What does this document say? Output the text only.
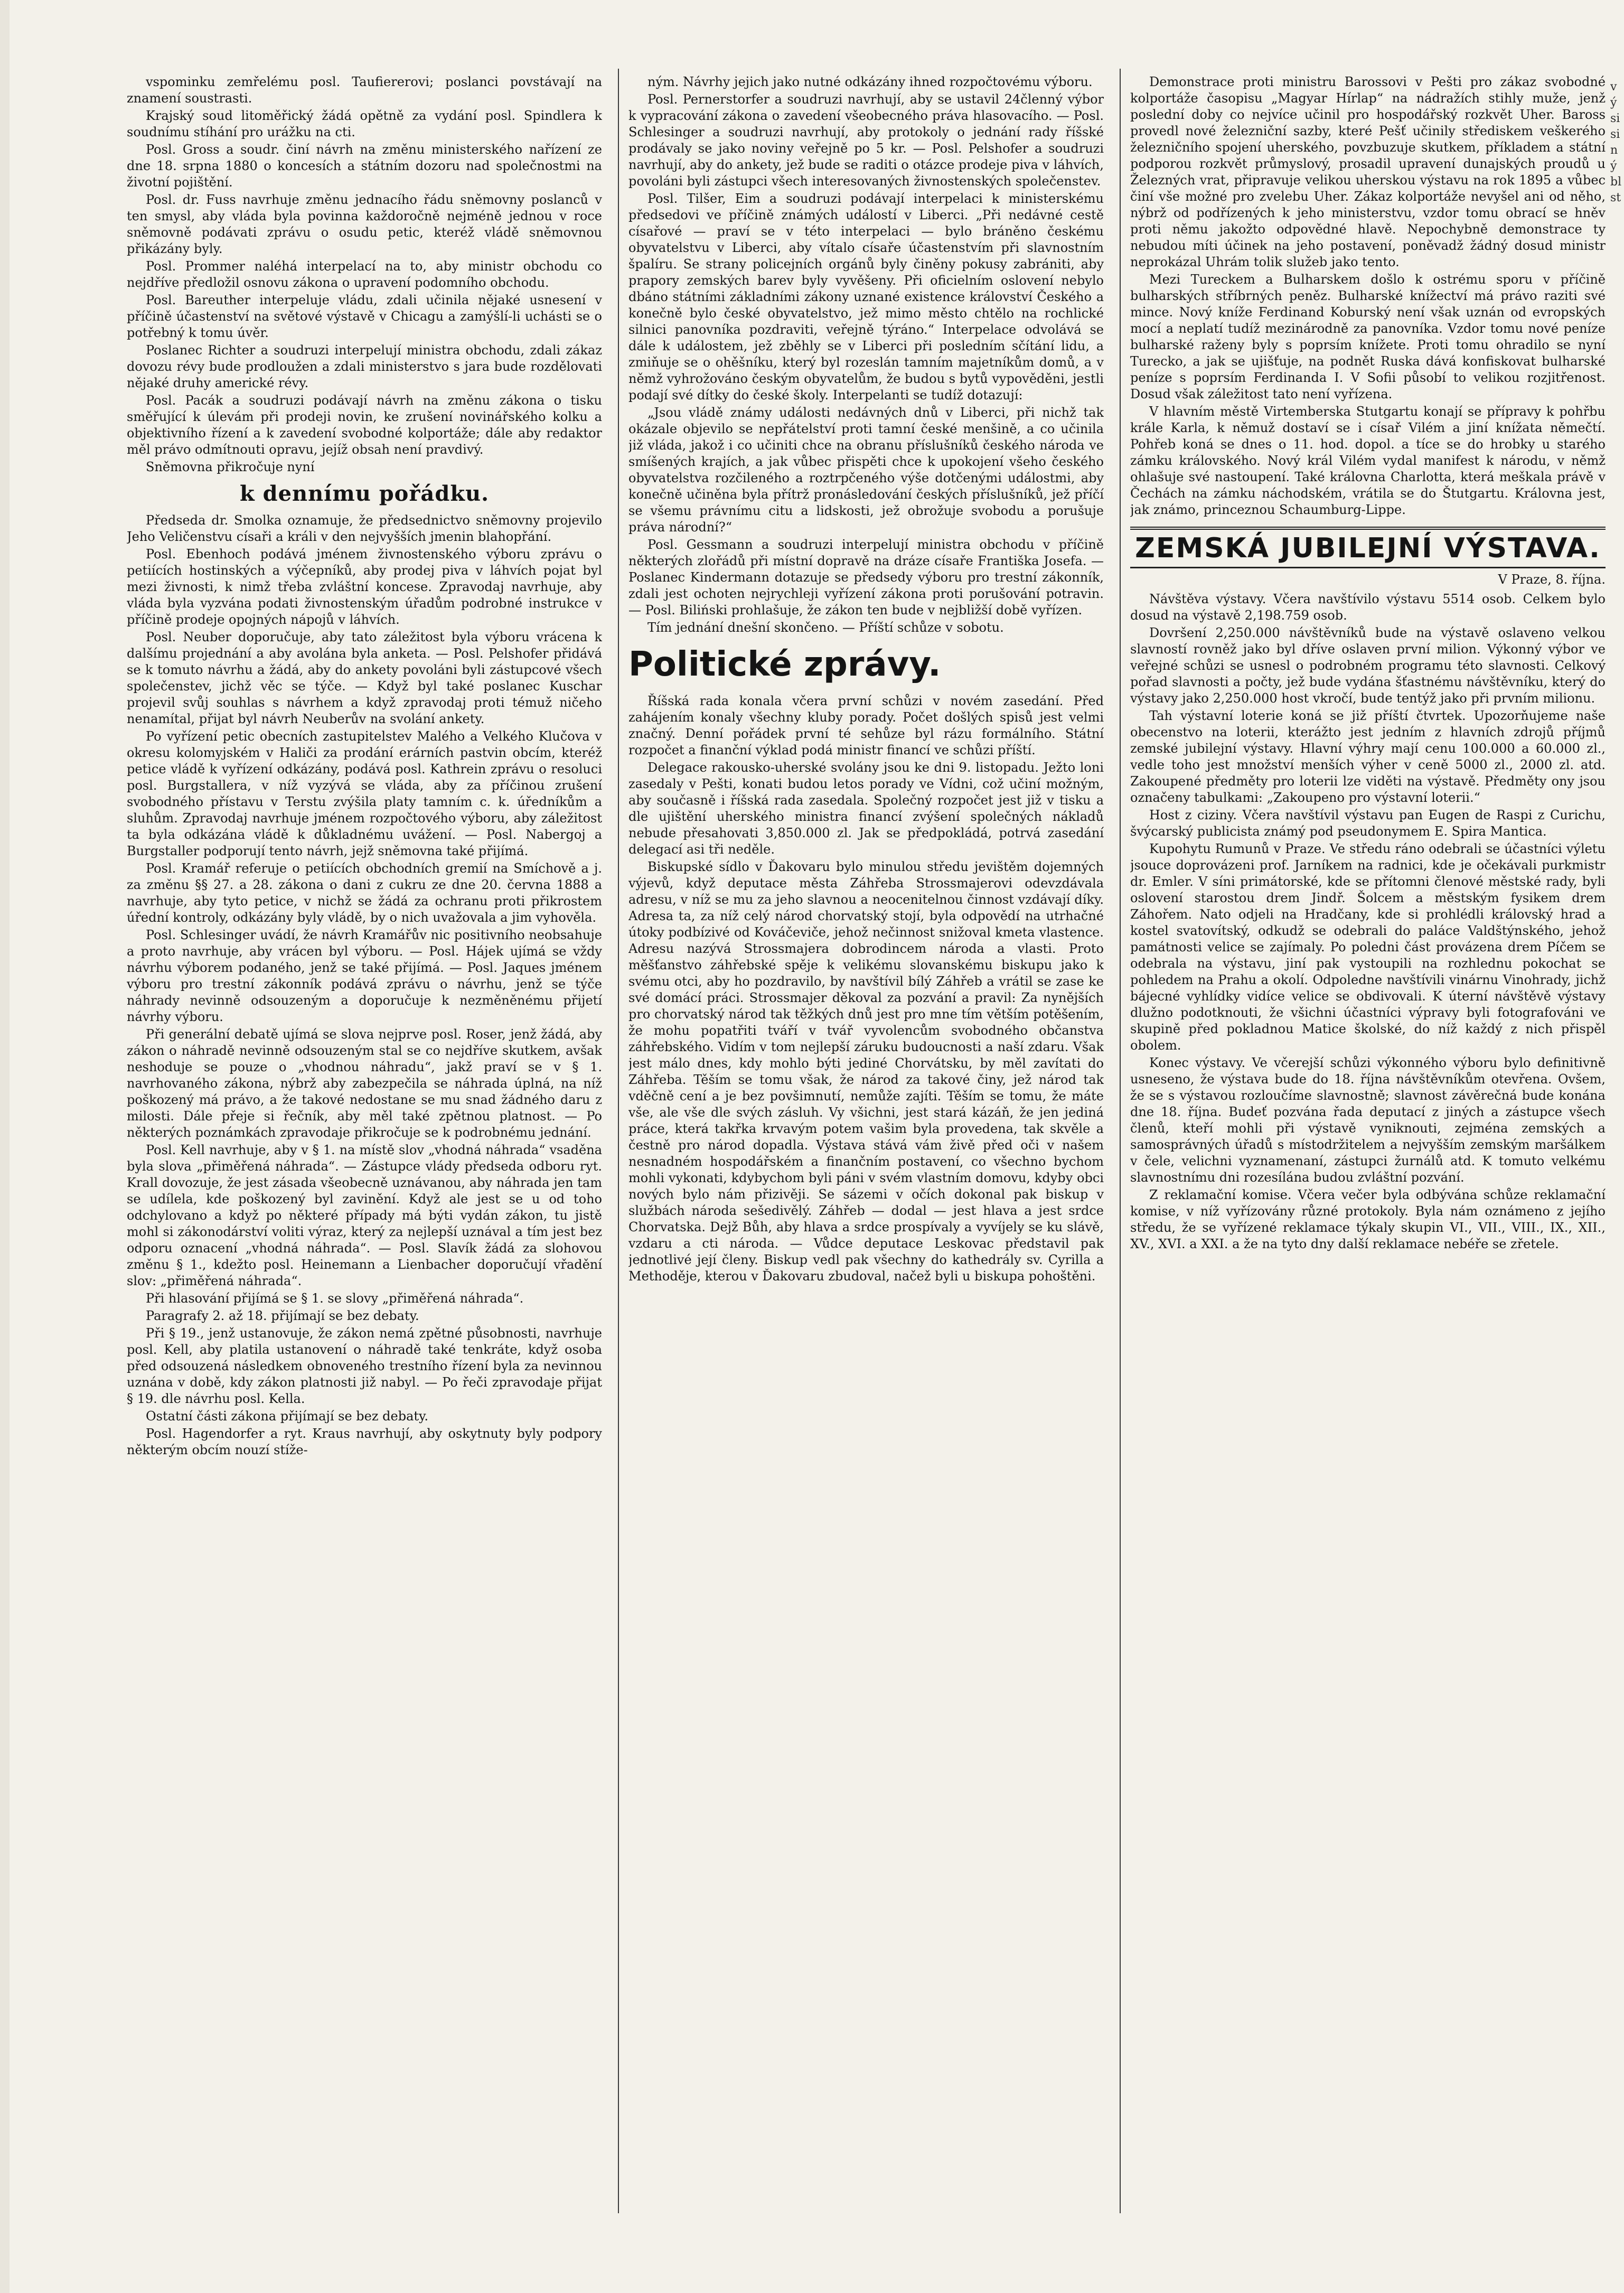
vspominku zemřelému posl. Taufiererovi; poslanci povstávají na znamení soustrasti.

Krajský soud litoměřický žádá opětně za vydání posl. Spindlera k soudnímu stíhání pro urážku na cti.

Posl. Gross a soudr. činí návrh na změnu ministerského nařízení ze dne 18. srpna 1880 o koncesích a státním dozoru nad společnostmi na životní pojištění.

Posl. dr. Fuss navrhuje změnu jednacího řádu sněmovny poslanců v ten smysl, aby vláda byla povinna každoročně nejméně jednou v roce sněmovně podávati zprávu o osudu petic, kteréž vládě sněmovnou přikázány byly.

Posl. Prommer naléhá interpelací na to, aby ministr obchodu co nejdříve předložil osnovu zákona o upravení podomního obchodu.

Posl. Bareuther interpeluje vládu, zdali učinila nějaké usnesení v příčině účastenství na světové výstavě v Chicagu a zamýšlí-li uchásti se o potřebný k tomu úvěr.

Poslanec Richter a soudruzi interpelují ministra obchodu, zdali zákaz dovozu révy bude prodloužen a zdali ministerstvo s jara bude rozdělovati nějaké druhy americké révy.

Posl. Pacák a soudruzi podávají návrh na změnu zákona o tisku směřující k úlevám při prodeji novin, ke zrušení novinářského kolku a objektivního řízení a k zavedení svobodné kolportáže; dále aby redaktor měl právo odmítnouti opravu, jejíž obsah není pravdivý.

Sněmovna přikročuje nyní

k dennímu pořádku.

Předseda dr. Smolka oznamuje, že předsednictvo sněmovny projevilo Jeho Veličenstvu císaři a králi v den nejvyšších jmenin blahopřání.

Posl. Ebenhoch podává jménem živnostenského výboru zprávu o petiících hostinských a výčepníků, aby prodej piva v láhvích pojat byl mezi živnosti, k nimž třeba zvláštní koncese. Zpravodaj navrhuje, aby vláda byla vyzvána podati živnostenským úřadům podrobné instrukce v příčině prodeje opojných nápojů v láhvích.

Posl. Neuber doporučuje, aby tato záležitost byla výboru vrácena k dalšímu projednání a aby avolána byla anketa. — Posl. Pelshofer přidává se k tomuto návrhu a žádá, aby do ankety povoláni byli zástupcové všech společenstev, jichž věc se týče. — Když byl také poslanec Kuschar projevil svůj souhlas s návrhem a když zpravodaj proti témuž ničeho nenamítal, přijat byl návrh Neuberův na svolání ankety.

Po vyřízení petic obecních zastupitelstev Malého a Velkého Klučova v okresu kolomyjském v Haliči za prodání erárních pastvin obcím, kteréž petice vládě k vyřízení odkázány, podává posl. Kathrein zprávu o resoluci posl. Burgstallera, v níž vyzývá se vláda, aby za příčinou zrušení svobodného přístavu v Terstu zvýšila platy tamním c. k. úředníkům a sluhům. Zpravodaj navrhuje jménem rozpočtového výboru, aby záležitost ta byla odkázána vládě k důkladnému uvážení. — Posl. Nabergoj a Burgstaller podporují tento návrh, jejž sněmovna také přijímá.

Posl. Kramář referuje o petiících obchodních gremií na Smíchově a j. za změnu §§ 27. a 28. zákona o dani z cukru ze dne 20. června 1888 a navrhuje, aby tyto petice, v nichž se žádá za ochranu proti přikrostem úřední kontroly, odkázány byly vládě, by o nich uvažovala a jim vyhověla.

Posl. Schlesinger uvádí, že návrh Kramářův nic positivního neobsahuje a proto navrhuje, aby vrácen byl výboru. — Posl. Hájek ujímá se vždy návrhu výborem podaného, jenž se také přijímá. — Posl. Jaques jménem výboru pro trestní zákonník podává zprávu o návrhu, jenž se týče náhrady nevinně odsouzeným a doporučuje k nezměněnému přijetí návrhy výboru.

Při generální debatě ujímá se slova nejprve posl. Roser, jenž žádá, aby zákon o náhradě nevinně odsouzeným stal se co nejdříve skutkem, avšak neshoduje se pouze o „vhodnou náhradu“, jakž praví se v § 1. navrhovaného zákona, nýbrž aby zabezpečila se náhrada úplná, na níž poškozený má právo, a že takové nedostane se mu snad žádného daru z milosti. Dále přeje si řečník, aby měl také zpětnou platnost. — Po některých poznámkách zpravodaje přikročuje se k podrobnému jednání.

Posl. Kell navrhuje, aby v § 1. na místě slov „vhodná náhrada“ vsaděna byla slova „přiměřená náhrada“. — Zástupce vlády předseda odboru ryt. Krall dovozuje, že jest zásada všeobecně uznávanou, aby náhrada jen tam se udílela, kde poškozený byl zavinění. Když ale jest se u od toho odchylovano a když po některé případy má býti vydán zákon, tu jistě mohl si zákonodárství voliti výraz, který za nejlepší uznával a tím jest bez odporu oznacení „vhodná náhrada“. — Posl. Slavík žádá za slohovou změnu § 1., kdežto posl. Heinemann a Lienbacher doporučují vřadění slov: „přiměřená náhrada“.

Při hlasování přijímá se § 1. se slovy „přiměřená náhrada“.

Paragrafy 2. až 18. přijímají se bez debaty.

Při § 19., jenž ustanovuje, že zákon nemá zpětné působnosti, navrhuje posl. Kell, aby platila ustanovení o náhradě také tenkráte, když osoba před odsouzená následkem obnoveného trestního řízení byla za nevinnou uznána v době, kdy zákon platnosti již nabyl. — Po řeči zpravodaje přijat § 19. dle návrhu posl. Kella.

Ostatní části zákona přijímají se bez debaty.

Posl. Hagendorfer a ryt. Kraus navrhují, aby oskytnuty byly podpory některým obcím nouzí stíže-

ným. Návrhy jejich jako nutné odkázány ihned rozpočtovému výboru.

Posl. Pernerstorfer a soudruzi navrhují, aby se ustavil 24členný výbor k vypracování zákona o zavedení všeobecného práva hlasovacího. — Posl. Schlesinger a soudruzi navrhují, aby protokoly o jednání rady říšské prodávaly se jako noviny veřejně po 5 kr. — Posl. Pelshofer a soudruzi navrhují, aby do ankety, jež bude se raditi o otázce prodeje piva v láhvích, povoláni byli zástupci všech interesovaných živnostenských společenstev.

Posl. Tilšer, Eim a soudruzi podávají interpelaci k ministerskému předsedovi ve příčině známých událostí v Liberci. „Při nedávné cestě císařové — praví se v této interpelaci — bylo bráněno českému obyvatelstvu v Liberci, aby vítalo císaře účastenstvím při slavnostním špalíru. Se strany policejních orgánů byly činěny pokusy zabrániti, aby prapory zemských barev byly vyvěšeny. Při oficielním oslovení nebylo dbáno státními základními zákony uznané existence království Českého a konečně bylo české obyvatelstvo, jež mimo město chtělo na rochlické silnici panovníka pozdraviti, veřejně týráno.“ Interpelace odvolává se dále k událostem, jež zběhly se v Liberci při posledním sčítání lidu, a zmiňuje se o ohěšníku, který byl rozeslán tamním majetníkům domů, a v němž vyhrožováno českým obyvatelům, že budou s bytů vypověděni, jestli podají své dítky do české školy. Interpelanti se tudíž dotazují:

„Jsou vládě známy události nedávných dnů v Liberci, při nichž tak okázale objevilo se nepřátelství proti tamní české menšině, a co učinila již vláda, jakož i co učiniti chce na obranu příslušníků českého národa ve smíšených krajích, a jak vůbec přispěti chce k upokojení všeho českého obyvatelstva rozčileného a roztrpčeného výše dotčenými událostmi, aby konečně učiněna byla přítrž pronásledování českých příslušníků, jež příčí se všemu právnímu citu a lidskosti, jež obrožuje svobodu a porušuje práva národní?“

Posl. Gessmann a soudruzi interpelují ministra obchodu v příčině některých zlořádů při místní dopravě na dráze císaře Františka Josefa. — Poslanec Kindermann dotazuje se předsedy výboru pro trestní zákonník, zdali jest ochoten nejrychleji vyřízení zákona proti porušování potravin. — Posl. Biliński prohlašuje, že zákon ten bude v nejbližší době vyřízen.

Tím jednání dnešní skončeno. — Příští schůze v sobotu.

Politické zprávy.

Říšská rada konala včera první schůzi v novém zasedání. Před zahájením konaly všechny kluby porady. Počet došlých spisů jest velmi značný. Denní pořádek první té sehůze byl rázu formálního. Státní rozpočet a finanční výklad podá ministr financí ve schůzi příští.

Delegace rakousko-uherské svolány jsou ke dni 9. listopadu. Ježto loni zasedaly v Pešti, konati budou letos porady ve Vídni, což učiní možným, aby současně i říšská rada zasedala. Společný rozpočet jest již v tisku a dle ujištění uherského ministra financí zvýšení společných nákladů nebude přesahovati 3,850.000 zl. Jak se předpokládá, potrvá zasedání delegací asi tři neděle.

Biskupské sídlo v Ďakovaru bylo minulou středu jevištěm dojemných výjevů, když deputace města Záhřeba Strossmajerovi odevzdávala adresu, v níž se mu za jeho slavnou a neocenitelnou činnost vzdávají díky. Adresa ta, za níž celý národ chorvatský stojí, byla odpovědí na utrhačné útoky podbízivé od Kováčeviče, jehož nečinnost snižoval kmeta vlastence. Adresu nazývá Strossmajera dobrodincem národa a vlasti. Proto měšťanstvo záhřebské spěje k velikému slovanskému biskupu jako k svému otci, aby ho pozdravilo, by navštívil bílý Záhřeb a vrátil se zase ke své domácí práci. Strossmajer děkoval za pozvání a pravil: Za nynějších pro chorvatský národ tak těžkých dnů jest pro mne tím větším potěšením, že mohu popatřiti tváří v tvář vyvolencům svobodného občanstva záhřebského. Vidím v tom nejlepší záruku budoucnosti a naší zdaru. Však jest málo dnes, kdy mohlo býti jediné Chorvátsku, by měl zavítati do Záhřeba. Těším se tomu však, že národ za takové činy, jež národ tak vděčně cení a je bez povšimnutí, nemůže zajíti. Těším se tomu, že máte vše, ale vše dle svých zásluh. Vy všichni, jest stará kázáň, že jen jediná práce, která takřka krvavým potem vašim byla provedena, tak skvěle a čestně pro národ dopadla. Výstava stává vám živě před oči v našem nesnadném hospodářském a finančním postavení, co všechno bychom mohli vykonati, kdybychom byli páni v svém vlastním domovu, kdyby obci nových bylo nám přizivěji. Se sázemi v očích dokonal pak biskup v službách národa sešedivělý. Záhřeb — dodal — jest hlava a jest srdce Chorvatska. Dejž Bůh, aby hlava a srdce prospívaly a vyvíjely se ku slávě, vzdaru a cti národa. — Vůdce deputace Leskovac představil pak jednotlivé její členy. Biskup vedl pak všechny do kathedrály sv. Cyrilla a Methoděje, kterou v Ďakovaru zbudoval, načež byli u biskupa pohoštěni.

Demonstrace proti ministru Barossovi v Pešti pro zákaz svobodné kolportáže časopisu „Magyar Hírlap“ na nádražích stihly muže, jenž poslední doby co nejvíce učinil pro hospodářský rozkvět Uher. Baross provedl nové železniční sazby, které Pešť učinily střediskem veškerého železničního spojení uherského, povzbuzuje skutkem, příkladem a státní podporou rozkvět průmyslový, prosadil upravení dunajských proudů u Železných vrat, připravuje velikou uherskou výstavu na rok 1895 a vůbec činí vše možné pro zvelebu Uher. Zákaz kolportáže nevyšel ani od něho, nýbrž od podřízených k jeho ministerstvu, vzdor tomu obrací se hněv proti němu jakožto odpovědné hlavě. Nepochybně demonstrace ty nebudou míti účinek na jeho postavení, poněvadž žádný dosud ministr neprokázal Uhrám tolik služeb jako tento.

Mezi Tureckem a Bulharskem došlo k ostrému sporu v příčině bulharských stříbrných peněz. Bulharské knížectví má právo raziti své mince. Nový kníže Ferdinand Koburský není však uznán od evropských mocí a neplatí tudíž mezinárodně za panovníka. Vzdor tomu nové peníze bulharské raženy byly s poprsím knížete. Proti tomu ohradilo se nyní Turecko, a jak se ujišťuje, na podnět Ruska dává konfiskovat bulharské peníze s poprsím Ferdinanda I. V Sofii působí to velikou rozjitřenost. Dosud však záležitost tato není vyřízena.

V hlavním městě Virtemberska Stutgartu konají se přípravy k pohřbu krále Karla, k němuž dostaví se i císař Vilém a jiní knížata němečtí. Pohřeb koná se dnes o 11. hod. dopol. a tíce se do hrobky u starého zámku královského. Nový král Vilém vydal manifest k národu, v němž ohlašuje své nastoupení. Také královna Charlotta, která meškala právě v Čechách na zámku náchodském, vrátila se do Štutgartu. Královna jest, jak známo, princeznou Schaumburg-Lippe.

ZEMSKÁ JUBILEJNÍ VÝSTAVA.
V Praze, 8. října.

Návštěva výstavy. Včera navštívilo výstavu 5514 osob. Celkem bylo dosud na výstavě 2,198.759 osob.

Dovršení 2,250.000 návštěvníků bude na výstavě oslaveno velkou slavností rovněž jako byl dříve oslaven první milion. Výkonný výbor ve veřejné schůzi se usnesl o podrobném programu této slavnosti. Celkový pořad slavnosti a počty, jež bude vydána šťastnému návštěvníku, který do výstavy jako 2,250.000 host vkročí, bude tentýž jako při prvním milionu.

Tah výstavní loterie koná se již příští čtvrtek. Upozorňujeme naše obecenstvo na loterii, kterážto jest jedním z hlavních zdrojů příjmů zemské jubilejní výstavy. Hlavní výhry mají cenu 100.000 a 60.000 zl., vedle toho jest množství menších výher v ceně 5000 zl., 2000 zl. atd. Zakoupené předměty pro loterii lze viděti na výstavě. Předměty ony jsou označeny tabulkami: „Zakoupeno pro výstavní loterii.“

Host z ciziny. Včera navštívil výstavu pan Eugen de Raspi z Curichu, švýcarský publicista známý pod pseudonymem E. Spira Mantica.

Kupohytu Rumunů v Praze. Ve středu ráno odebrali se účastníci výletu jsouce doprovázeni prof. Jarníkem na radnici, kde je očekávali purkmistr dr. Emler. V síni primátorské, kde se přítomni členové městské rady, byli oslovení starostou drem Jindř. Šolcem a městským fysikem drem Záhořem. Nato odjeli na Hradčany, kde si prohlédli královský hrad a kostel svatovítský, odkudž se odebrali do paláce Valdštýnského, jehož památnosti velice se zajímaly. Po poledni část provázena drem Píčem se odebrala na výstavu, jiní pak vystoupili na rozhlednu pokochat se pohledem na Prahu a okolí. Odpoledne navštívili vinárnu Vinohrady, jichž bájecné vyhlídky vidíce velice se obdivovali. K úterní návštěvě výstavy dlužno podotknouti, že všichni účastníci výpravy byli fotografováni ve skupině před pokladnou Matice školské, do níž každý z nich přispěl obolem.

Konec výstavy. Ve včerejší schůzi výkonného výboru bylo definitivně usneseno, že výstava bude do 18. října návštěvníkům otevřena. Ovšem, že se s výstavou rozloučíme slavnostně; slavnost závěrečná bude konána dne 18. října. Budeť pozvána řada deputací z jiných a zástupce všech členů, kteří mohli při výstavě vyniknouti, zejména zemských a samosprávných úřadů s místodržitelem a nejvyšším zemským maršálkem v čele, velichni vyznamenaní, zástupci žurnálů atd. K tomuto velkému slavnostnímu dni rozesílána budou zvláštní pozvání.

Z reklamační komise. Včera večer byla odbývána schůze reklamační komise, v níž vyřízovány různé protokoly. Byla nám oznámeno z jejího středu, že se vyřízené reklamace týkaly skupin VI., VII., VIII., IX., XII., XV., XVI. a XXI. a že na tyto dny další reklamace nebéře se zřetele.

vý si si ný bl st
